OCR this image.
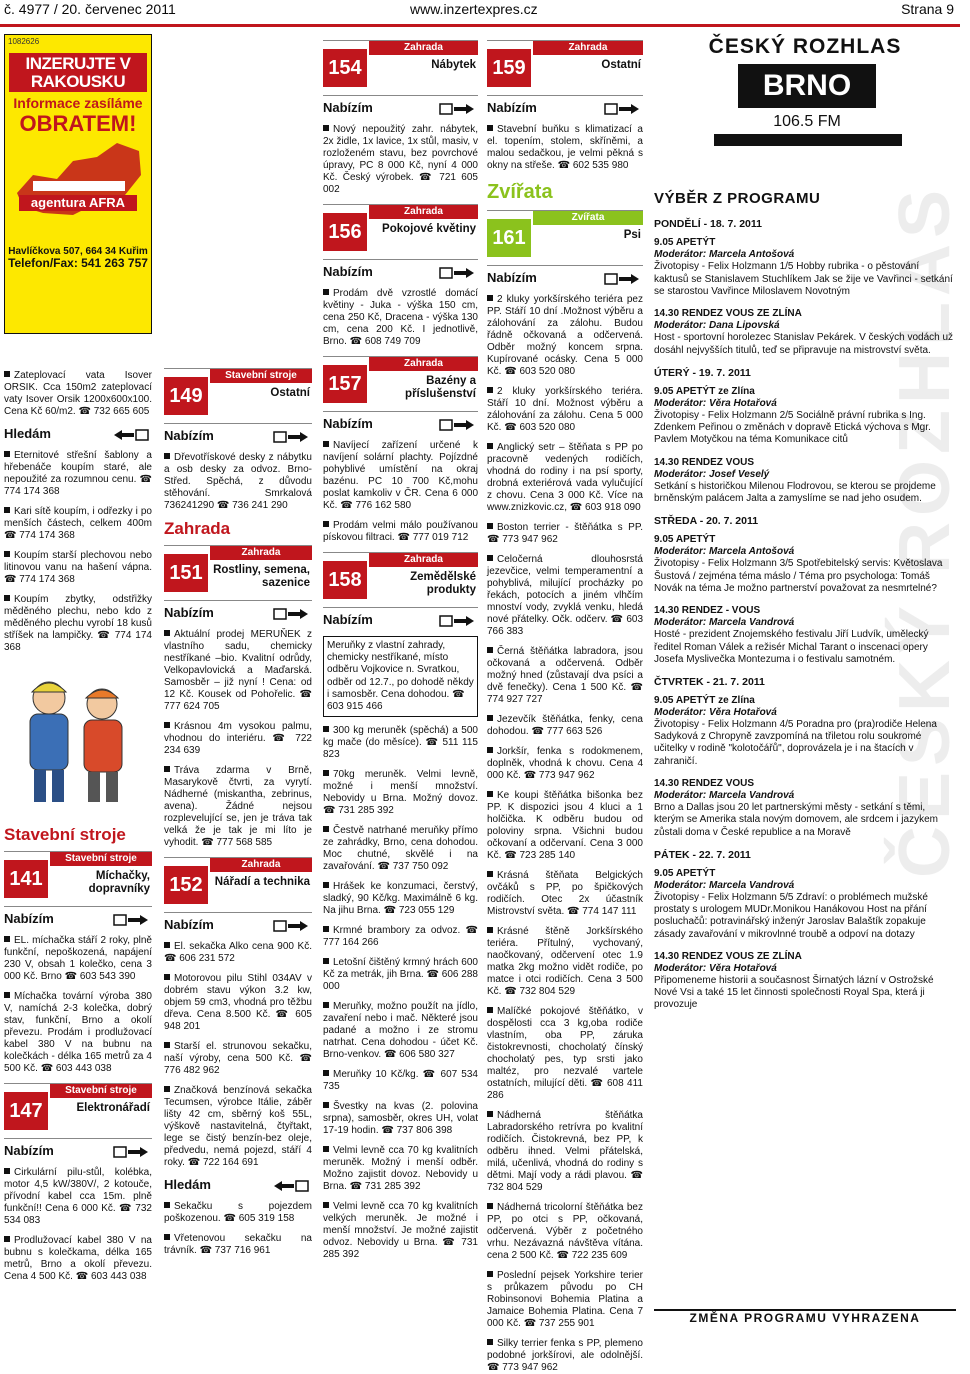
č. 4977 / 20. červenec 2011	www.inzertexpres.cz	Strana 9
1082626
INZERUJTE V RAKOUSKU
Informace zasíláme
OBRATEM!
agentura AFRA
Havlíčkova 507, 664 34 Kuřim
Telefon/Fax: 541 263 757
Zateplovací vata Isover ORSIK. Cca 150m2 zateplovací vaty Isover Orsik 1200x600x100. Cena Kč 60/m2. ☎ 732 665 605
Hledám
Eternitové střešní šablony a hřebenáče koupím staré, ale nepoužité za rozumnou cenu. ☎ 774 174 368
Kari sítě koupím, i odřezky i po menších částech, celkem 400m ☎ 774 174 368
Koupím starší plechovou nebo litinovou vanu na hašení vápna. ☎ 774 174 368
Koupím zbytky, odstřižky měděného plechu, nebo kdo z měděného plechu vyrobí 18 kusů stříšek na lampičky. ☎ 774 174 368
Stavební stroje
141
Stavební stroje
Míchačky, dopravníky
Nabízím
EL. míchačka stáří 2 roky, plně funkční, nepoškozená, napájení 230 V, obsah 1 kolečko, cena 3 000 Kč. Brno ☎ 603 543 390
Míchačka tovární výroba 380 V, namíchá 2-3 kolečka, dobrý stav, funkční, Brno a okolí převezu. Prodám i prodlužovací kabel 380 V na bubnu na kolečkách - délka 165 metrů za 4 500 Kč. ☎ 603 443 038
147
Stavební stroje
Elektronářadí
Nabízím
Cirkulární pilu-stůl, kolébka, motor 4,5 kW/380V/, 2 kotouče, přívodní kabel cca 15m. plně funkční!! Cena 6 000 Kč. ☎ 732 534 083
Prodlužovací kabel 380 V na bubnu s kolečkama, délka 165 metrů, Brno a okolí převezu. Cena 4 500 Kč. ☎ 603 443 038
149
Stavební stroje
Ostatní
Nabízím
Dřevotřískové desky z nábytku a osb desky za odvoz. Brno-Střed. Spěchá, z důvodu stěhování. Smrkalová 736241290 ☎ 736 241 290
Zahrada
151
Zahrada
Rostliny, semena, sazenice
Nabízím
Aktuální prodej MERUŇEK z vlastního sadu, chemicky nestříkané –bio. Kvalitní odrůdy, Velkopavlovická a Maďarská. Samosběr – již nyní ! Cena: od 12 Kč. Kousek od Pohořelic. ☎ 777 624 705
Krásnou 4m vysokou palmu, vhodnou do interiéru. ☎ 722 234 639
Tráva zdarma v Brně, Masarykově čtvrti, za vyrytí. Nádherné (miskantha, zebrinus, avena). Žádné nejsou rozplevelující se, jen je tráva tak velká že je tak je mi líto je vyhodit. ☎ 777 568 585
152
Zahrada
Nářadí a technika
Nabízím
El. sekačka Alko cena 900 Kč. ☎ 606 231 572
Motorovou pilu Stihl 034AV v dobrém stavu výkon 3.2 kw, objem 59 cm3, vhodná pro těžbu dřeva. Cena 8.500 Kč. ☎ 605 948 201
Starší el. strunovou sekačku, naší výroby, cena 500 Kč. ☎ 776 482 962
Značková benzínová sekačka Tecumsen, výrobce Itálie, záběr lišty 42 cm, sběrný koš 55L, výškově nastavitelná, čtyřtakt, lege se čistý benzín-bez oleje, předvedu, nemá pojezd, stáří 4 roky. ☎ 722 164 691
Hledám
Sekačku s pojezdem poškozenou. ☎ 605 319 158
Vřetenovou sekačku na trávník. ☎ 737 716 961
154
Zahrada
Nábytek
Nabízím
Nový nepoužitý zahr. nábytek, 2x židle, 1x lavice, 1x stůl, masiv, v rozloženém stavu, bez povrchové úpravy, PC 8 000 Kč, nyní 4 000 Kč. Český výrobek. ☎ 721 605 002
156
Zahrada
Pokojové květiny
Nabízím
Prodám dvě vzrostlé domácí květiny - Juka - výška 150 cm, cena 250 Kč, Dracena - výška 130 cm, cena 200 Kč. I jednotlivě, Brno. ☎ 608 749 709
157
Zahrada
Bazény a příslušenství
Nabízím
Navíjecí zařízení určené k navíjení solární plachty. Pojízdné pohyblivé umístění na okraj bazénu. PC 10 700 Kč,mohu poslat kamkoliv v ČR. Cena 6 000 Kč. ☎ 776 162 580
Prodám velmi málo používanou pískovou filtraci. ☎ 777 019 712
158
Zahrada
Zemědělské produkty
Nabízím
Meruňky z vlastní zahrady, chemicky nestříkané, místo odběru Vojkovice n. Svratkou, odběr od 12.7., po dohodě někdy i samosběr. Cena dohodou. ☎ 603 915 466
300 kg meruněk (spěchá) a 500 kg mače (do měsíce). ☎ 511 115 823
70kg meruněk. Velmi levně, možné i menší množství. Nebovidy u Brna. Možný dovoz. ☎ 731 285 392
Čestvě natrhané meruňky přímo ze zahrádky, Brno, cena dohodou. Moc chutné, skvělé i na zavařování. ☎ 737 750 092
Hrášek ke konzumaci, čerstvý, sladký, 90 Kč/kg. Maximálně 6 kg. Na jihu Brna. ☎ 723 055 129
Krmné brambory za odvoz. ☎ 777 164 266
Letošní čištěný krmný hrách 600 Kč za metrák, jih Brna. ☎ 606 288 000
Meruňky, možno použít na jídlo, zavaření nebo i mač. Některé jsou padané a možno i ze stromu natrhat. Cena dohodou - účet Kč. Brno-venkov. ☎ 606 580 327
Meruňky 10 Kč/kg. ☎ 607 534 735
Švestky na kvas (2. polovina srpna), samosběr, okres UH, volat 17-19 hodin. ☎ 737 806 398
Velmi levně cca 70 kg kvalitních meruněk. Možný i menší odběr. Možno zajistit dovoz. Nebovidy u Brna. ☎ 731 285 392
Velmi levně cca 70 kg kvalitních velkých meruněk. Je možné i menší množství. Je možné zajistit odvoz. Nebovidy u Brna. ☎ 731 285 392
159
Zahrada
Ostatní
Nabízím
Stavební buňku s klimatizací a el. topením, stolem, skříněmi, a malou sedačkou, je velmi pěkná s okny na střeše. ☎ 602 535 980
Zvířata
161
Zvířata
Psi
Nabízím
2 kluky yorkšírského teriéra pez PP. Stáří 10 dní .Možnost výběru a zálohování za zálohu. Budou řádně očkovaná a odčervená. Odběr možný koncem srpna. Kupírované ocásky. Cena 5 000 Kč. ☎ 603 520 080
2 kluky yorkšírského teriéra. Stáří 10 dní. Možnost výběru a zálohování za zálohu. Cena 5 000 Kč. ☎ 603 520 080
Anglický setr – štěňata s PP po pracovně vedených rodičích, vhodná do rodiny i na psí sporty, drobná exteriérová vada vylučující z chovu. Cena 3 000 Kč. Více na www.znizkovic.cz, ☎ 603 918 090
Boston terrier - štěňátka s PP. ☎ 773 947 962
Celočerná dlouhosrstá jezevčice, velmi temperamentní a pohyblivá, milující procházky po řekách, potocích a jiném vlhčím mnoství vody, zvyklá venku, hledá nové přátelky. Očk. odčerv. ☎ 603 766 383
Černá štěňátka labradora, jsou očkovaná a odčervená. Odběr možný hned (zůstavají dva psíci a dvě fenečky). Cena 1 500 Kč. ☎ 774 927 727
Jezevčík štěňátka, fenky, cena dohodou. ☎ 777 663 526
Jorkšír, fenka s rodokmenem, doplněk, vhodná k chovu. Cena 4 000 Kč. ☎ 773 947 962
Ke koupi štěňátka bišonka bez PP. K dispozici jsou 4 kluci a 1 holčička. K odběru budou od poloviny srpna. Všichni budou očkovaní a odčervaní. Cena 3 000 Kč. ☎ 723 285 140
Krásná štěňata Belgických ovčáků s PP, po špičkových rodičích. Otec 2x účastník Mistrovství světa. ☎ 774 147 111
Krásné štěně Jorkšírského teriéra. Přítulný, vychovaný, naočkovaný, odčervení otec 1.9 matka 2kg možno vidět rodiče, po matce i otci rodičích. Cena 3 500 Kč. ☎ 732 804 529
Malíčké pokojové štěňátko, v dospělosti cca 3 kg,oba rodiče vlastním, oba PP, záruka čistokrevnosti, chocholatý čínský chocholatý pes, typ srsti jako maltéz, pro nezvalé vartele ostatních, milující děti. ☎ 608 411 286
Nádherná štěňátka Labradorského retrívra po kvalitní rodičích. Čistokrevná, bez PP, k odběru ihned. Velmi přátelská, milá, učenlivá, vhodná do rodiny s dětmi. Mají vody a rádi plavou. ☎ 732 804 529
Nádherná tricolorní štěňátka bez PP, po otci s PP, očkovaná, odčervená. Výběr z početného vrhu. Nezávazná návštěva vítána. cena 2 500 Kč. ☎ 722 235 609
Poslední pejsek Yorkshire terier s průkazem původu po CH Robinsonovi Bohemia Platina a Jamaice Bohemia Platina. Cena 7 000 Kč. ☎ 737 255 901
Silky terrier fenka s PP, plemeno podobné jorkšírovi, ale odolnější. ☎ 773 947 962
ČESKÝ ROZHLAS
ČESKÝ ROZHLAS
BRNO
106.5 FM
VÝBĚR Z PROGRAMU
PONDĚLÍ - 18. 7. 2011
9.05 APETÝT
Moderátor: Marcela Antošová
Životopisy - Felix Holzmann 1/5 Hobby rubrika - o pěstování kaktusů se Stanislavem Stuchlíkem Jak se žije ve Vavřinci - setkání se starostou Vavřince Miloslavem Novotným
14.30 RENDEZ VOUS ZE ZLÍNA
Moderátor: Dana Lipovská
Host - sportovní horolezec Stanislav Pekárek. V českých vodách už dosáhl nejvyšších titulů, teď se připravuje na mistrovství světa.
ÚTERÝ - 19. 7. 2011
9.05 APETÝT ze Zlína
Moderátor: Věra Hotařová
Životopisy - Felix Holzmann 2/5 Sociálně právní rubrika s Ing. Zdenkem Peřinou o změnách v dopravě Etická výchova s Mgr. Pavlem Motyčkou na téma Komunikace citů
14.30 RENDEZ VOUS
Moderátor: Josef Veselý
Setkání s historičkou Milenou Flodrovou, se kterou se projdeme brněnským palácem Jalta a zamyslíme se nad jeho osudem.
STŘEDA - 20. 7. 2011
9.05 APETÝT
Moderátor: Marcela Antošová
Životopisy - Felix Holzmann 3/5 Spotřebitelský servis: Květoslava Šustová / zejména téma máslo / Téma pro psychologa: Tomáš Novák na téma Je možno partnerství považovat za nesmrtelné?
14.30 RENDEZ - VOUS
Moderátor: Marcela Vandrová
Hosté - prezident Znojemského festivalu Jiří Ludvík, umělecký ředitel Roman Válek a režisér Michal Tarant o inscenaci opery Josefa Myslivečka Montezuma i o festivalu samotném.
ČTVRTEK - 21. 7. 2011
9.05 APETÝT ze Zlína
Moderátor: Věra Hotařová
Životopisy - Felix Holzmann 4/5 Poradna pro (pra)rodiče Helena Sadyková z Chropyně zavzpomíná na třiletou rolu soukromé učitelky v rodině "kolotočářů", doprovázela je i na štacích v zahraničí.
14.30 RENDEZ VOUS
Moderátor: Marcela Vandrová
Brno a Dallas jsou 20 let partnerskými městy - setkání s těmi, kterým se Amerika stala novým domovem, ale srdcem i jazykem zůstali doma v České republice a na Moravě
PÁTEK - 22. 7. 2011
9.05 APETÝT
Moderátor: Marcela Vandrová
Životopisy - Felix Holzmann 5/5 Zdraví: o problémech mužské prostaty s urologem MUDr.Monikou Hanákovou Host na přání posluchačů: potravinářský inženýr Jaroslav Balaštík zopakuje zásady zavařování v mikrovlnné troubě a odpoví na dotazy
14.30 RENDEZ VOUS ZE ZLÍNA
Moderátor: Věra Hotařová
Připomeneme historii a současnost Širnatých lázní v Ostrožské Nové Vsi a také 15 let činnosti společnosti Royal Spa, která ji provozuje
ZMĚNA PROGRAMU VYHRAZENA
